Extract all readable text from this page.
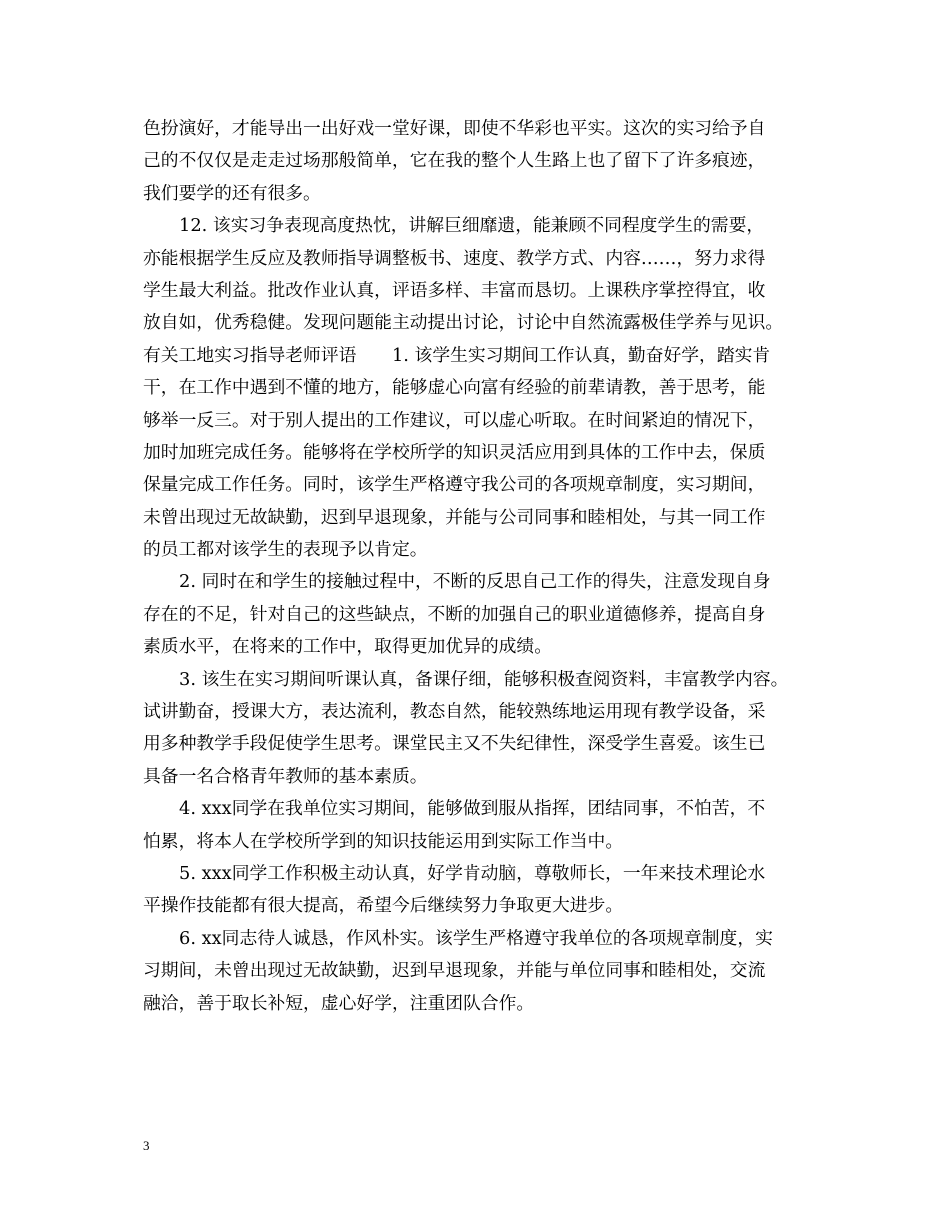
色扮演好，才能导出一出好戏一堂好课，即使不华彩也平实。这次的实习给予自
己的不仅仅是走走过场那般简单，它在我的整个人生路上也了留下了许多痕迹，
我们要学的还有很多。
12. 该实习争表现高度热忱，讲解巨细靡遗，能兼顾不同程度学生的需要，
亦能根据学生反应及教师指导调整板书、速度、教学方式、内容……，努力求得
学生最大利益。批改作业认真，评语多样、丰富而恳切。上课秩序掌控得宜，收
放自如，优秀稳健。发现问题能主动提出讨论，讨论中自然流露极佳学养与见识。
有关工地实习指导老师评语　　1. 该学生实习期间工作认真，勤奋好学，踏实肯
干，在工作中遇到不懂的地方，能够虚心向富有经验的前辈请教，善于思考，能
够举一反三。对于别人提出的工作建议，可以虚心听取。在时间紧迫的情况下，
加时加班完成任务。能够将在学校所学的知识灵活应用到具体的工作中去，保质
保量完成工作任务。同时，该学生严格遵守我公司的各项规章制度，实习期间，
未曾出现过无故缺勤，迟到早退现象，并能与公司同事和睦相处，与其一同工作
的员工都对该学生的表现予以肯定。
2. 同时在和学生的接触过程中，不断的反思自己工作的得失，注意发现自身
存在的不足，针对自己的这些缺点，不断的加强自己的职业道德修养，提高自身
素质水平，在将来的工作中，取得更加优异的成绩。
3. 该生在实习期间听课认真，备课仔细，能够积极查阅资料，丰富教学内容。
试讲勤奋，授课大方，表达流利，教态自然，能较熟练地运用现有教学设备，采
用多种教学手段促使学生思考。课堂民主又不失纪律性，深受学生喜爱。该生已
具备一名合格青年教师的基本素质。
4. xxx同学在我单位实习期间，能够做到服从指挥，团结同事，不怕苦，不
怕累，将本人在学校所学到的知识技能运用到实际工作当中。
5. xxx同学工作积极主动认真，好学肯动脑，尊敬师长，一年来技术理论水
平操作技能都有很大提高，希望今后继续努力争取更大进步。
6. xx同志待人诚恳，作风朴实。该学生严格遵守我单位的各项规章制度，实
习期间，未曾出现过无故缺勤，迟到早退现象，并能与单位同事和睦相处，交流
融洽，善于取长补短，虚心好学，注重团队合作。
3
